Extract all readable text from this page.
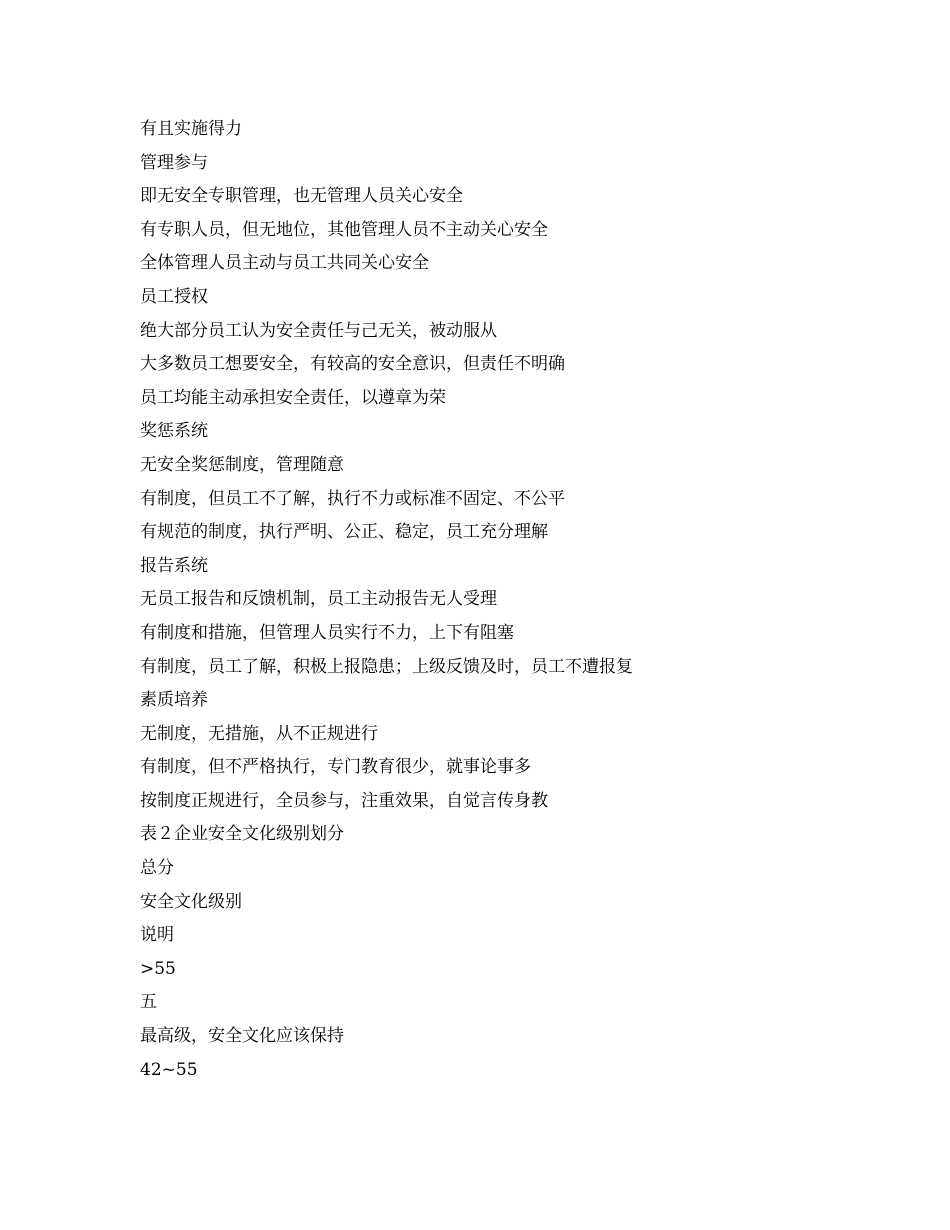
有且实施得力
管理参与
即无安全专职管理，也无管理人员关心安全
有专职人员，但无地位，其他管理人员不主动关心安全
全体管理人员主动与员工共同关心安全
员工授权
绝大部分员工认为安全责任与己无关，被动服从
大多数员工想要安全，有较高的安全意识，但责任不明确
员工均能主动承担安全责任，以遵章为荣
奖惩系统
无安全奖惩制度，管理随意
有制度，但员工不了解，执行不力或标准不固定、不公平
有规范的制度，执行严明、公正、稳定，员工充分理解
报告系统
无员工报告和反馈机制，员工主动报告无人受理
有制度和措施，但管理人员实行不力，上下有阻塞
有制度，员工了解，积极上报隐患；上级反馈及时，员工不遭报复
素质培养
无制度，无措施，从不正规进行
有制度，但不严格执行，专门教育很少，就事论事多
按制度正规进行，全员参与，注重效果，自觉言传身教
表２企业安全文化级别划分
总分
安全文化级别
说明
>55
五
最高级，安全文化应该保持
42~55
